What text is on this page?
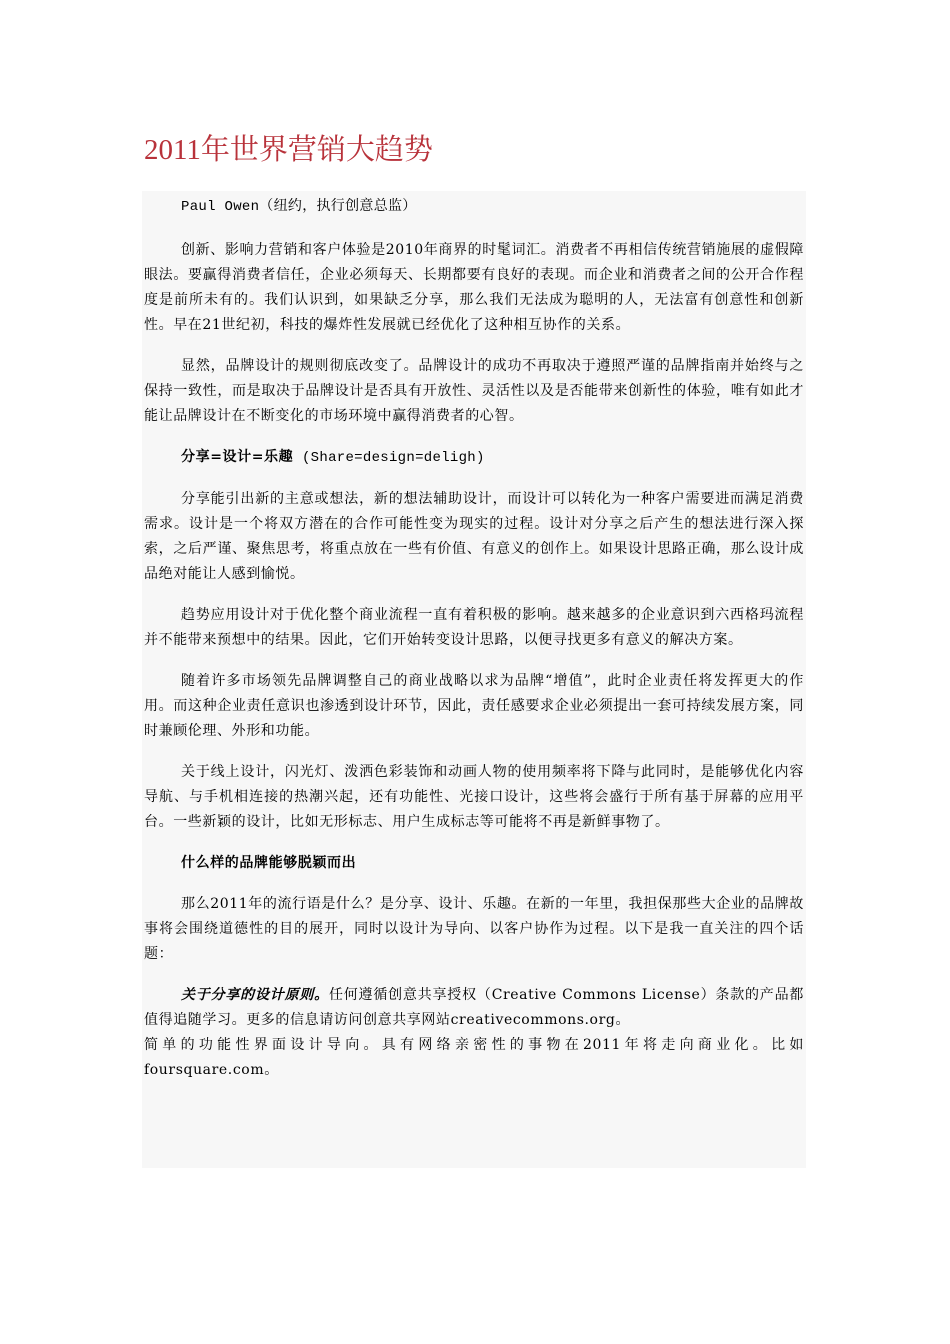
2011年世界营销大趋势

Paul Owen（纽约，执行创意总监）

创新、影响力营销和客户体验是2010年商界的时髦词汇。消费者不再相信传统营销施展的虚假障眼法。要赢得消费者信任，企业必须每天、长期都要有良好的表现。而企业和消费者之间的公开合作程度是前所未有的。我们认识到，如果缺乏分享，那么我们无法成为聪明的人，无法富有创意性和创新性。早在21世纪初，科技的爆炸性发展就已经优化了这种相互协作的关系。

显然，品牌设计的规则彻底改变了。品牌设计的成功不再取决于遵照严谨的品牌指南并始终与之保持一致性，而是取决于品牌设计是否具有开放性、灵活性以及是否能带来创新性的体验，唯有如此才能让品牌设计在不断变化的市场环境中赢得消费者的心智。

分享=设计=乐趣 (Share=design=deligh)

分享能引出新的主意或想法，新的想法辅助设计，而设计可以转化为一种客户需要进而满足消费需求。设计是一个将双方潜在的合作可能性变为现实的过程。设计对分享之后产生的想法进行深入探索，之后严谨、聚焦思考，将重点放在一些有价值、有意义的创作上。如果设计思路正确，那么设计成品绝对能让人感到愉悦。

趋势应用设计对于优化整个商业流程一直有着积极的影响。越来越多的企业意识到六西格玛流程并不能带来预想中的结果。因此，它们开始转变设计思路，以便寻找更多有意义的解决方案。

随着许多市场领先品牌调整自己的商业战略以求为品牌“增值”，此时企业责任将发挥更大的作用。而这种企业责任意识也渗透到设计环节，因此，责任感要求企业必须提出一套可持续发展方案，同时兼顾伦理、外形和功能。

关于线上设计，闪光灯、泼洒色彩装饰和动画人物的使用频率将下降与此同时，是能够优化内容导航、与手机相连接的热潮兴起，还有功能性、光接口设计，这些将会盛行于所有基于屏幕的应用平台。一些新颖的设计，比如无形标志、用户生成标志等可能将不再是新鲜事物了。

什么样的品牌能够脱颖而出

那么2011年的流行语是什么？是分享、设计、乐趣。在新的一年里，我担保那些大企业的品牌故事将会围绕道德性的目的展开，同时以设计为导向、以客户协作为过程。以下是我一直关注的四个话题：

关于分享的设计原则。任何遵循创意共享授权（Creative Commons License）条款的产品都值得追随学习。更多的信息请访问创意共享网站creativecommons.org。

简单的功能性界面设计导向。具有网络亲密性的事物在2011年将走向商业化。比如foursquare.com。
